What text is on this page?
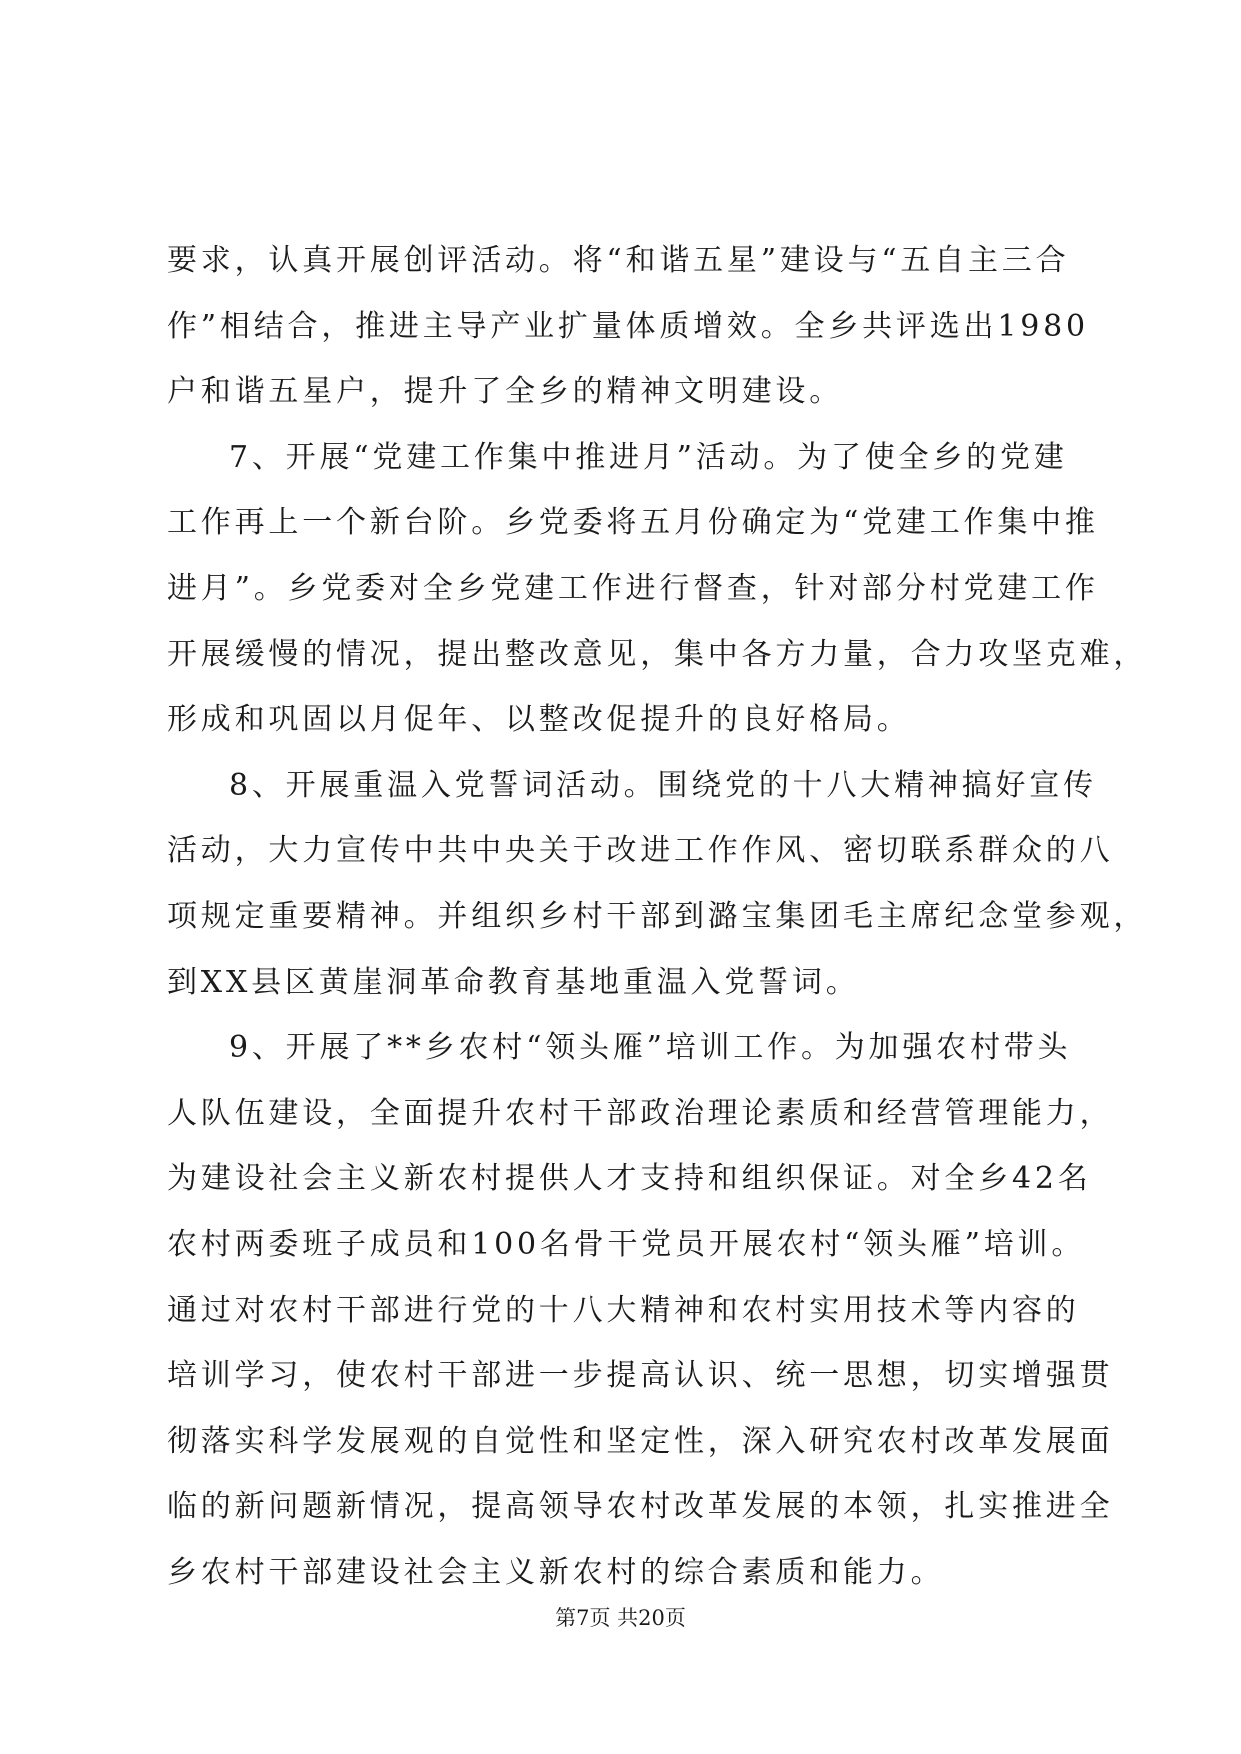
要求，认真开展创评活动。将“和谐五星”建设与“五自主三合
作”相结合，推进主导产业扩量体质增效。全乡共评选出1980
户和谐五星户，提升了全乡的精神文明建设。
7、开展“党建工作集中推进月”活动。为了使全乡的党建
工作再上一个新台阶。乡党委将五月份确定为“党建工作集中推
进月”。乡党委对全乡党建工作进行督查，针对部分村党建工作
开展缓慢的情况，提出整改意见，集中各方力量，合力攻坚克难，
形成和巩固以月促年、以整改促提升的良好格局。
8、开展重温入党誓词活动。围绕党的十八大精神搞好宣传
活动，大力宣传中共中央关于改进工作作风、密切联系群众的八
项规定重要精神。并组织乡村干部到潞宝集团毛主席纪念堂参观，
到XX县区黄崖洞革命教育基地重温入党誓词。
9、开展了**乡农村“领头雁”培训工作。为加强农村带头
人队伍建设，全面提升农村干部政治理论素质和经营管理能力，
为建设社会主义新农村提供人才支持和组织保证。对全乡42名
农村两委班子成员和100名骨干党员开展农村“领头雁”培训。
通过对农村干部进行党的十八大精神和农村实用技术等内容的
培训学习，使农村干部进一步提高认识、统一思想，切实增强贯
彻落实科学发展观的自觉性和坚定性，深入研究农村改革发展面
临的新问题新情况，提高领导农村改革发展的本领，扎实推进全
乡农村干部建设社会主义新农村的综合素质和能力。
第7页 共20页
